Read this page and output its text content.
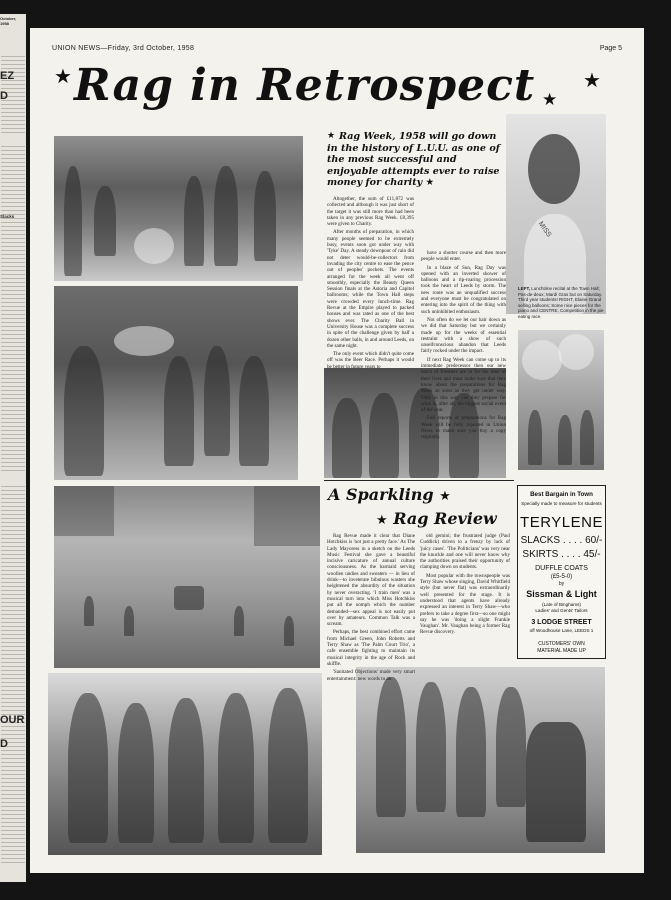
October, 1958
EZ
D
Slacks
OUR
D
UNION NEWS—Friday, 3rd October, 1958	Page 5
★ Rag in Retrospect ★
★
MISS
★ Rag Week, 1958 will go down in the history of L.U.U. as one of the most successful and enjoyable attempts ever to raise money for charity ★

Altogether, the sum of £11,872 was collected and although it was just short of the target it was still more than had been taken in any previous Rag Week. £8,395 were given to Charity.

After months of preparation, in which many people seemed to be extremely busy, events soon got under way with 'Tyke' Day. A steady downpour of rain did not deter would-be-collectors from invading the city centre to ease the pence out of peoples' pockets. The events arranged for the week all went off smoothly, especially the Beauty Queen Session finals at the Astoria and Capitol ballrooms; while the Town Hall steps were crowded every lunch-time. Rag Revue at the Empire played to packed houses and was rated as one of the best shows ever. The Charity Ball in University House was a complete success in spite of the challenge given by half a dozen other balls, in and around Leeds, on the same night.

The only event which didn't quite come off was the Beer Race. Perhaps it would be better in future years to

have a shorter course and then more people would enter.

In a blaze of Sun, Rag Day was opened with an inverted shower of balloons and a rip-roaring procession took the heart of Leeds by storm. The new route was an unqualified success and everyone must be congratulated on entering into the spirit of the thing with such uninhibited enthusiasm.

Not often do we let our hair down as we did that Saturday but we certainly made up for the weeks of essential restraint with a show of such unselfconscious abandon that Leeds fairly rocked under the impact.

If next Rag Week can come up to its immediate predecessor then our new batch of Freshers are in for the time of their lives and must make sure that they know about the preparations for Rag Week as soon as they get under way. Only in this way can they prepare for what is, after all, the biggest social event of the year.

Full reports of preparations for Rag Week will be fully reported in Union News to make sure you buy a copy regularly.

LEFT, Lunchtime recital at the Town Hall; Pas-de-deux; Mardi Gras but on Saturday. Third year students! RIGHT, Elaine Grand selling balloons; Some nice pieces for the piano and CENTRE, Competition in the pie eating race.
A Sparkling ★
★ Rag Review

Rag Revue made it clear that Diane Hotchkiss is 'not just a pretty face.' As The Lady Mayoress in a sketch on the Leeds Music Festival she gave a beautiful incisive caricature of annual culture consciousness. As the barmaid serving woollen undies and sweaters — in lieu of drink—to inveterate bibulous wasters she heightened the absurdity of the situation by never overacting. 'I train men' was a musical turn into which Miss Hotchkiss put all the oomph which the number demanded—sex appeal is not easily put over by amateurs. Common Talk was a scream.

Perhaps, the best combined effort came from Michael Green, John Roberts and Terry Shaw as 'The Palm Court Trio', a cafe ensemble fighting to maintain its musical integrity in the age of Rock and skiffle.

'Sanitated Objections' made very smart entertainment: new words to an

old gemini; the frustrated judge (Paul Cuddick) driven to a frenzy by lack of 'juicy cases'. 'The Politicians' was very near the knuckle and one will never know why the authorities praised their opportunity of clamping down on students.

Most popular with the townspeople was Terry Shaw whose singing, David Whitfield style (but never flat) was extraordinarily well presented for the stage. It is understood that agents have already expressed an interest in Terry Shaw—who prefers to take a degree first—so one might say he was 'doing a slight Frankie Vaughan'. Mr. Vaughan being a former Rag Revue discovery.

Best Bargain in Town
Specially made to measure for students
TERYLENE
SLACKS . . . . 60/-
SKIRTS . . . . 45/-
DUFFLE COATS
(£5-5-0)
by
Sissman & Light
(Late of Binghams)
Ladies' and Gents' Tailors
3 LODGE STREET
off Woodhouse Lane, LEEDS 1
CUSTOMERS' OWN
MATERIAL MADE UP
